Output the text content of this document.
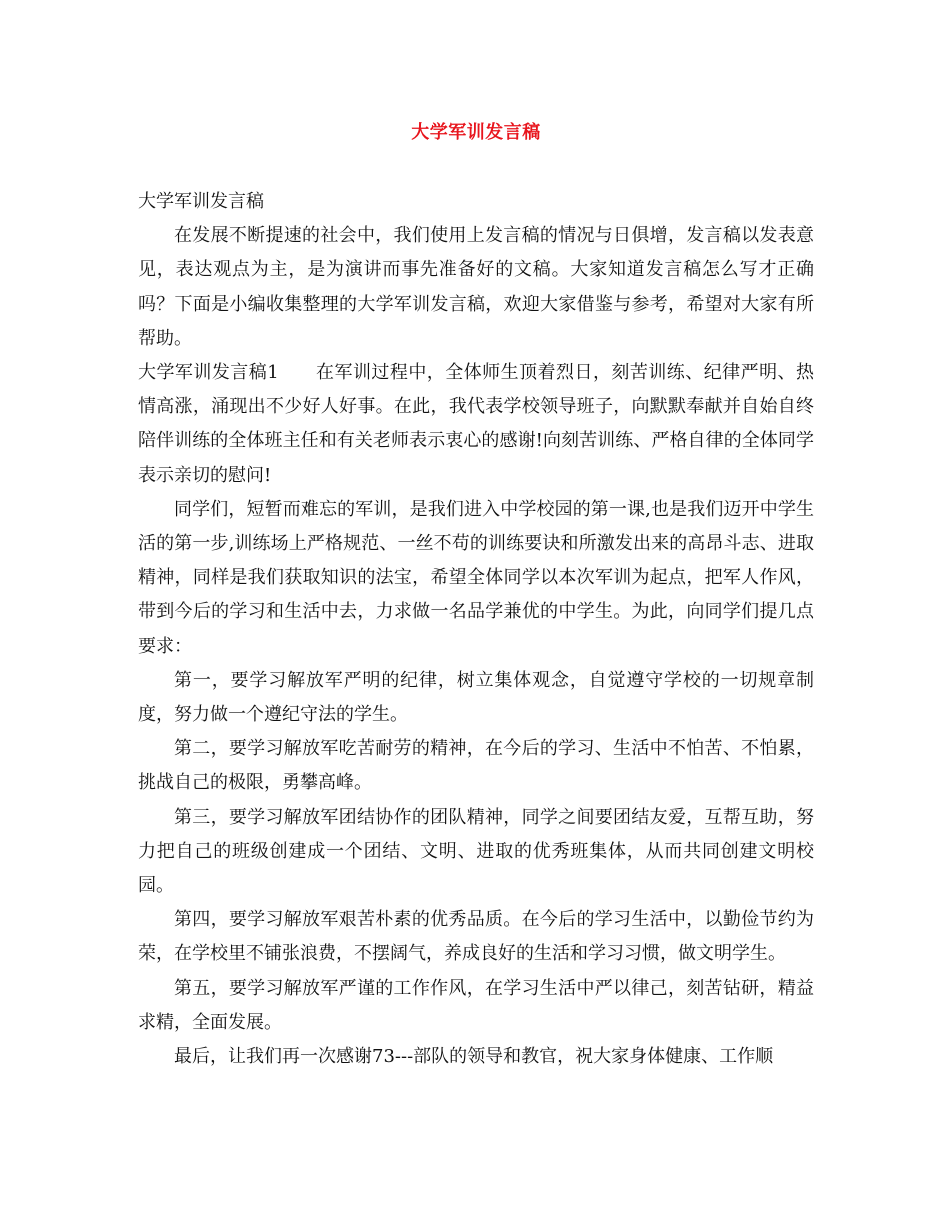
大学军训发言稿

大学军训发言稿

在发展不断提速的社会中，我们使用上发言稿的情况与日俱增，发言稿以发表意见，表达观点为主，是为演讲而事先准备好的文稿。大家知道发言稿怎么写才正确吗？下面是小编收集整理的大学军训发言稿，欢迎大家借鉴与参考，希望对大家有所帮助。

大学军训发言稿1　　在军训过程中，全体师生顶着烈日，刻苦训练、纪律严明、热情高涨，涌现出不少好人好事。在此，我代表学校领导班子，向默默奉献并自始自终陪伴训练的全体班主任和有关老师表示衷心的感谢!向刻苦训练、严格自律的全体同学表示亲切的慰问!

同学们，短暂而难忘的军训，是我们进入中学校园的第一课,也是我们迈开中学生活的第一步,训练场上严格规范、一丝不苟的训练要诀和所激发出来的高昂斗志、进取精神，同样是我们获取知识的法宝，希望全体同学以本次军训为起点，把军人作风，带到今后的学习和生活中去，力求做一名品学兼优的中学生。为此，向同学们提几点要求：

第一，要学习解放军严明的纪律，树立集体观念，自觉遵守学校的一切规章制度，努力做一个遵纪守法的学生。

第二，要学习解放军吃苦耐劳的精神，在今后的学习、生活中不怕苦、不怕累，挑战自己的极限，勇攀高峰。

第三，要学习解放军团结协作的团队精神，同学之间要团结友爱，互帮互助，努力把自己的班级创建成一个团结、文明、进取的优秀班集体，从而共同创建文明校园。

第四，要学习解放军艰苦朴素的优秀品质。在今后的学习生活中，以勤俭节约为荣，在学校里不铺张浪费，不摆阔气，养成良好的生活和学习习惯，做文明学生。

第五，要学习解放军严谨的工作作风，在学习生活中严以律己，刻苦钻研，精益求精，全面发展。

最后，让我们再一次感谢73---部队的领导和教官，祝大家身体健康、工作顺
